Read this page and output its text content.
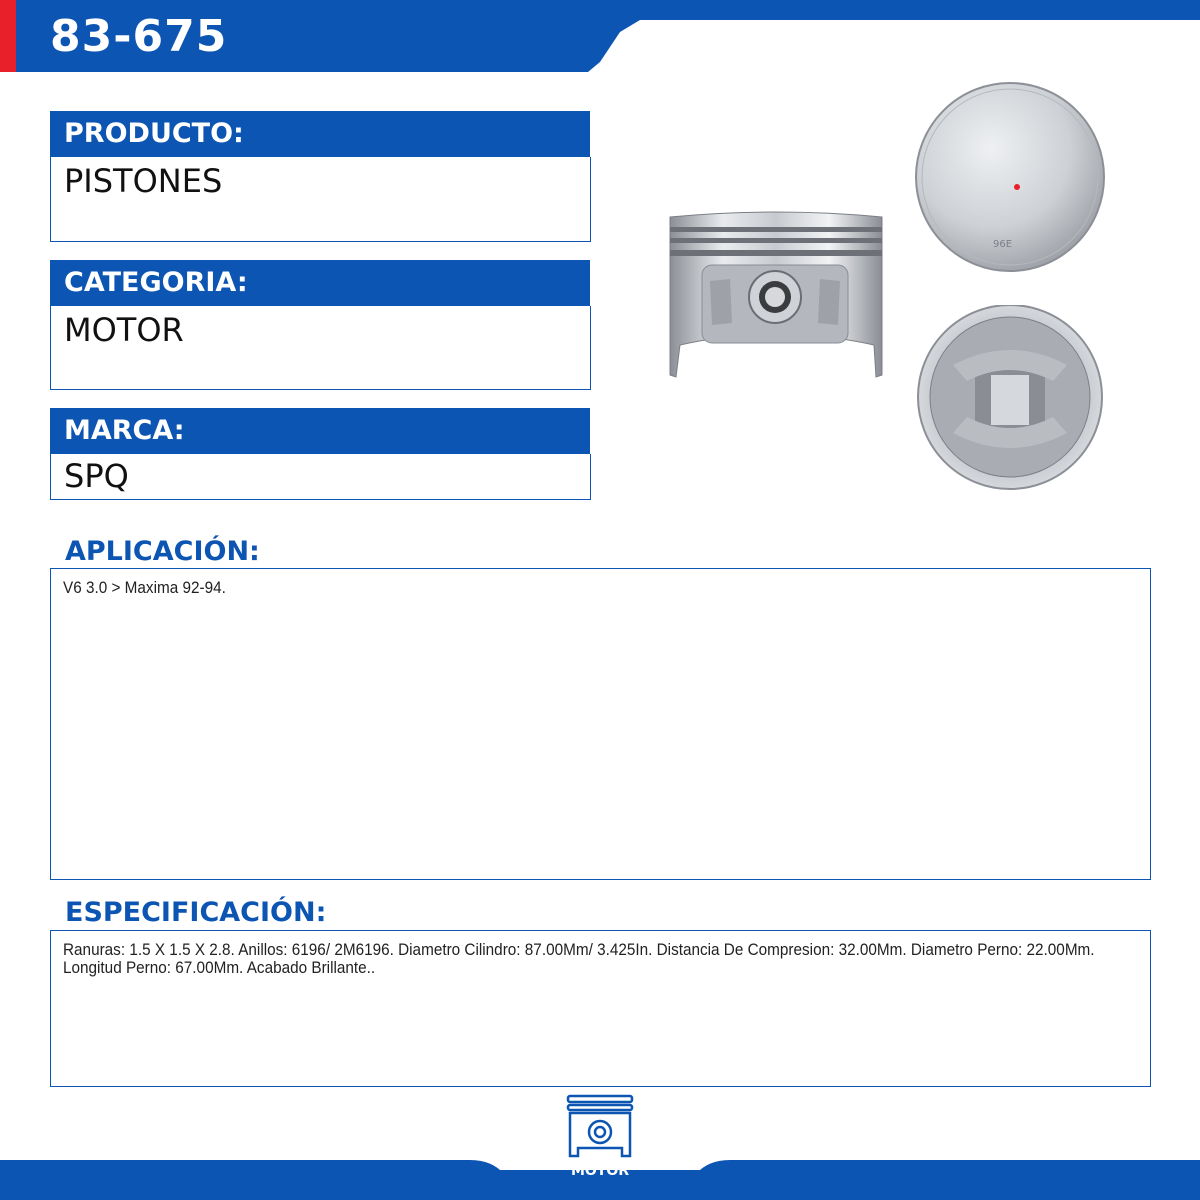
83-675
PRODUCTO:
PISTONES
CATEGORIA:
MOTOR
MARCA:
SPQ
96E
APLICACIÓN:
V6 3.0 > Maxima 92-94.
ESPECIFICACIÓN:
Ranuras: 1.5 X 1.5 X 2.8. Anillos: 6196/ 2M6196. Diametro Cilindro: 87.00Mm/ 3.425In. Distancia De Compresion: 32.00Mm. Diametro Perno: 22.00Mm. Longitud Perno: 67.00Mm. Acabado Brillante..
MOTOR
